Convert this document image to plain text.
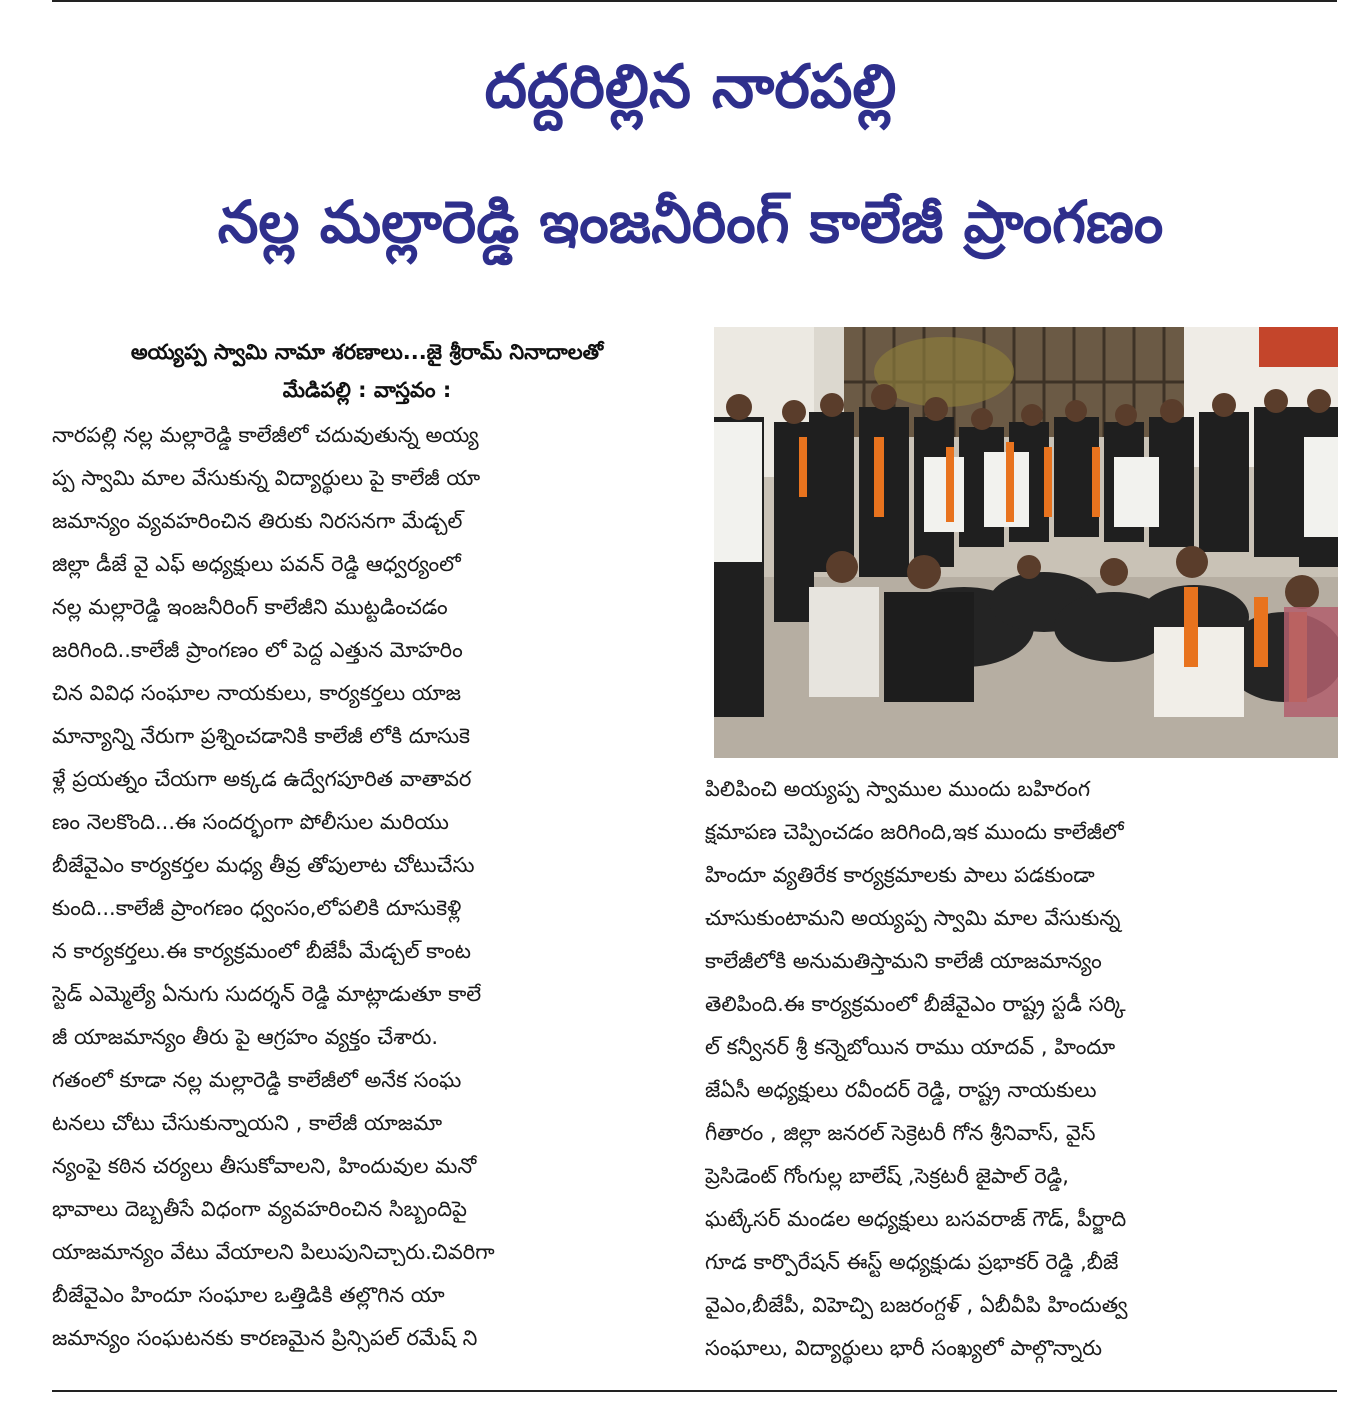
దద్దరిల్లిన నారపల్లి
నల్ల మల్లారెడ్డి ఇంజనీరింగ్ కాలేజీ ప్రాంగణం
అయ్యప్ప స్వామి నామా శరణాలు...జై శ్రీరామ్ నినాదాలతో
మేడిపల్లి : వాస్తవం :
నారపల్లి నల్ల మల్లారెడ్డి కాలేజీలో చదువుతున్న అయ్య
ప్ప స్వామి మాల వేసుకున్న విద్యార్థులు పై కాలేజీ యా
జమాన్యం వ్యవహరించిన తిరుకు నిరసనగా మేడ్చల్
జిల్లా డీజే వై ఎఫ్ అధ్యక్షులు పవన్ రెడ్డి ఆధ్వర్యంలో
నల్ల మల్లారెడ్డి ఇంజనీరింగ్ కాలేజీని ముట్టడించడం
జరిగింది..కాలేజీ ప్రాంగణం లో పెద్ద ఎత్తున మోహరిం
చిన వివిధ సంఘాల నాయకులు, కార్యకర్తలు యాజ
మాన్యాన్ని నేరుగా ప్రశ్నించడానికి కాలేజీ లోకి దూసుకె
ళ్లే ప్రయత్నం చేయగా అక్కడ ఉద్వేగపూరిత వాతావర
ణం నెలకొంది...ఈ సందర్భంగా పోలీసుల మరియు
బీజేవైఎం కార్యకర్తల మధ్య తీవ్ర తోపులాట చోటుచేసు
కుంది...కాలేజీ ప్రాంగణం ధ్వంసం,లోపలికి దూసుకెళ్లి
న కార్యకర్తలు.ఈ కార్యక్రమంలో బీజేపీ మేడ్చల్ కాంట
స్టెడ్ ఎమ్మెల్యే ఏనుగు సుదర్శన్ రెడ్డి మాట్లాడుతూ కాలే
జీ యాజమాన్యం తీరు పై ఆగ్రహం వ్యక్తం చేశారు.
గతంలో కూడా నల్ల మల్లారెడ్డి కాలేజీలో అనేక సంఘ
టనలు చోటు చేసుకున్నాయని , కాలేజీ యాజమా
న్యంపై కఠిన చర్యలు తీసుకోవాలని, హిందువుల మనో
భావాలు దెబ్బతీసే విధంగా వ్యవహరించిన సిబ్బందిపై
యాజమాన్యం వేటు వేయాలని పిలుపునిచ్చారు.చివరిగా
బీజేవైఎం హిందూ సంఘాల ఒత్తిడికి తల్లొగిన యా
జమాన్యం సంఘటనకు కారణమైన ప్రిన్సిపల్ రమేష్ ని
పిలిపించి అయ్యప్ప స్వాముల ముందు బహిరంగ
క్షమాపణ చెప్పించడం జరిగింది,ఇక ముందు కాలేజీలో
హిందూ వ్యతిరేక కార్యక్రమాలకు పాలు పడకుండా
చూసుకుంటామని అయ్యప్ప స్వామి మాల వేసుకున్న
కాలేజీలోకి అనుమతిస్తామని కాలేజీ యాజమాన్యం
తెలిపింది.ఈ కార్యక్రమంలో బీజేవైఎం రాష్ట్ర స్టడీ సర్కి
ల్ కన్వీనర్ శ్రీ కన్నెబోయిన రాము యాదవ్ , హిందూ
జేఏసీ అధ్యక్షులు రవీందర్ రెడ్డి, రాష్ట్ర నాయకులు
గీతారం , జిల్లా జనరల్ సెక్రెటరీ గోన శ్రీనివాస్, వైస్
ప్రెసిడెంట్ గోంగుల్ల బాలేష్ ,సెక్రటరీ జైపాల్ రెడ్డి,
ఘట్కేసర్ మండల అధ్యక్షులు బసవరాజ్ గౌడ్, పీర్జాది
గూడ కార్పొరేషన్ ఈస్ట్ అధ్యక్షుడు ప్రభాకర్ రెడ్డి ,బీజే
వైఎం,బీజేపీ, విహెచ్పి బజరంగ్దళ్ , ఏబీవీపి హిందుత్వ
సంఘాలు, విద్యార్థులు భారీ సంఖ్యలో పాల్గొన్నారు
